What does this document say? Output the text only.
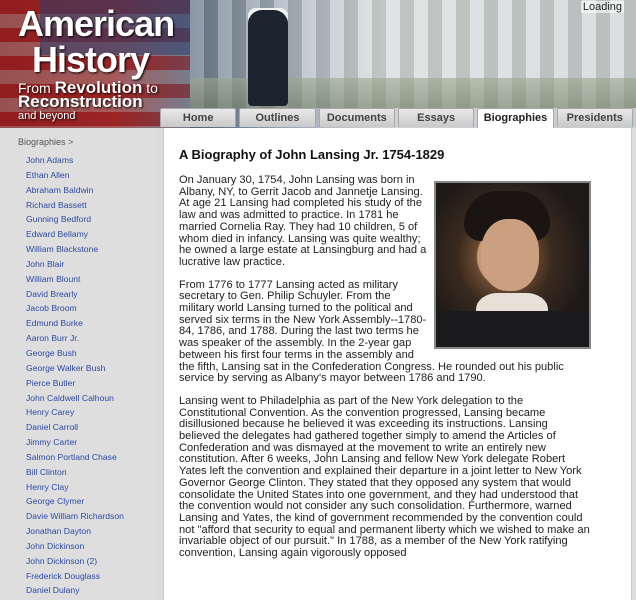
American
History
From Revolution to
Reconstruction
and beyond
Loading
Home	Outlines	Documents	Essays	Biographies	Presidents
Biographies >
John Adams
Ethan Allen
Abraham Baldwin
Richard Bassett
Gunning Bedford
Edward Bellamy
William Blackstone
John Blair
William Blount
David Brearly
Jacob Broom
Edmund Burke
Aaron Burr Jr.
George Bush
George Walker Bush
Pierce Butler
John Caldwell Calhoun
Henry Carey
Daniel Carroll
Jimmy Carter
Salmon Portland Chase
Bill Clinton
Henry Clay
George Clymer
Davie William Richardson
Jonathan Dayton
John Dickinson
John Dickinson (2)
Frederick Douglass
Daniel Dulany
A Biography of John Lansing Jr. 1754-1829

On January 30, 1754, John Lansing was born in Albany, NY, to Gerrit Jacob and Jannetje Lansing. At age 21 Lansing had completed his study of the law and was admitted to practice. In 1781 he married Cornelia Ray. They had 10 children, 5 of whom died in infancy. Lansing was quite wealthy; he owned a large estate at Lansingburg and had a lucrative law practice.

From 1776 to 1777 Lansing acted as military secretary to Gen. Philip Schuyler. From the military world Lansing turned to the political and served six terms in the New York Assembly--1780-84, 1786, and 1788. During the last two terms he was speaker of the assembly. In the 2-year gap between his first four terms in the assembly and the fifth, Lansing sat in the Confederation Congress. He rounded out his public service by serving as Albany's mayor between 1786 and 1790.

Lansing went to Philadelphia as part of the New York delegation to the Constitutional Convention. As the convention progressed, Lansing became disillusioned because he believed it was exceeding its instructions. Lansing believed the delegates had gathered together simply to amend the Articles of Confederation and was dismayed at the movement to write an entirely new constitution. After 6 weeks, John Lansing and fellow New York delegate Robert Yates left the convention and explained their departure in a joint letter to New York Governor George Clinton. They stated that they opposed any system that would consolidate the United States into one government, and they had understood that the convention would not consider any such consolidation. Furthermore, warned Lansing and Yates, the kind of government recommended by the convention could not "afford that security to equal and permanent liberty which we wished to make an invariable object of our pursuit." In 1788, as a member of the New York ratifying convention, Lansing again vigorously opposed
